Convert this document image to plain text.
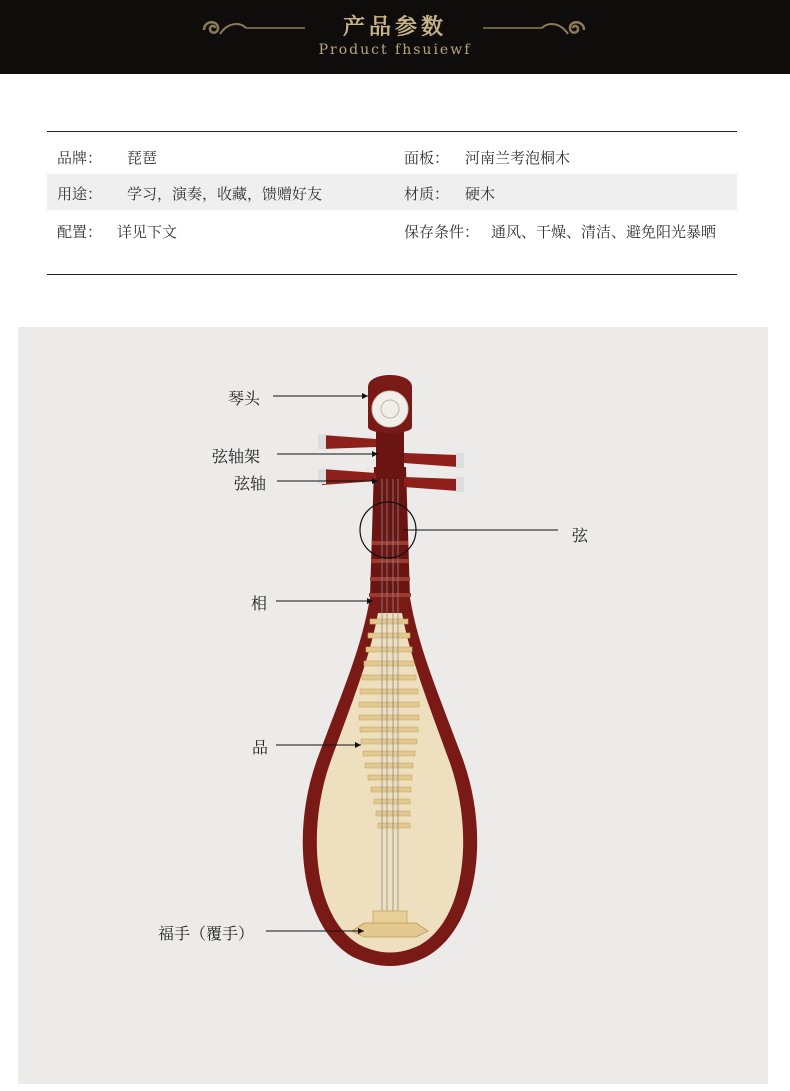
产品参数
Product fhsuiewf
品牌： 琵琶	面板： 河南兰考泡桐木
用途： 学习，演奏，收藏，馈赠好友	材质： 硬木
配置： 详见下文	保存条件： 通风、干燥、清洁、避免阳光暴晒
琴头
弦轴架
弦轴
弦
相
品
福手（覆手）
